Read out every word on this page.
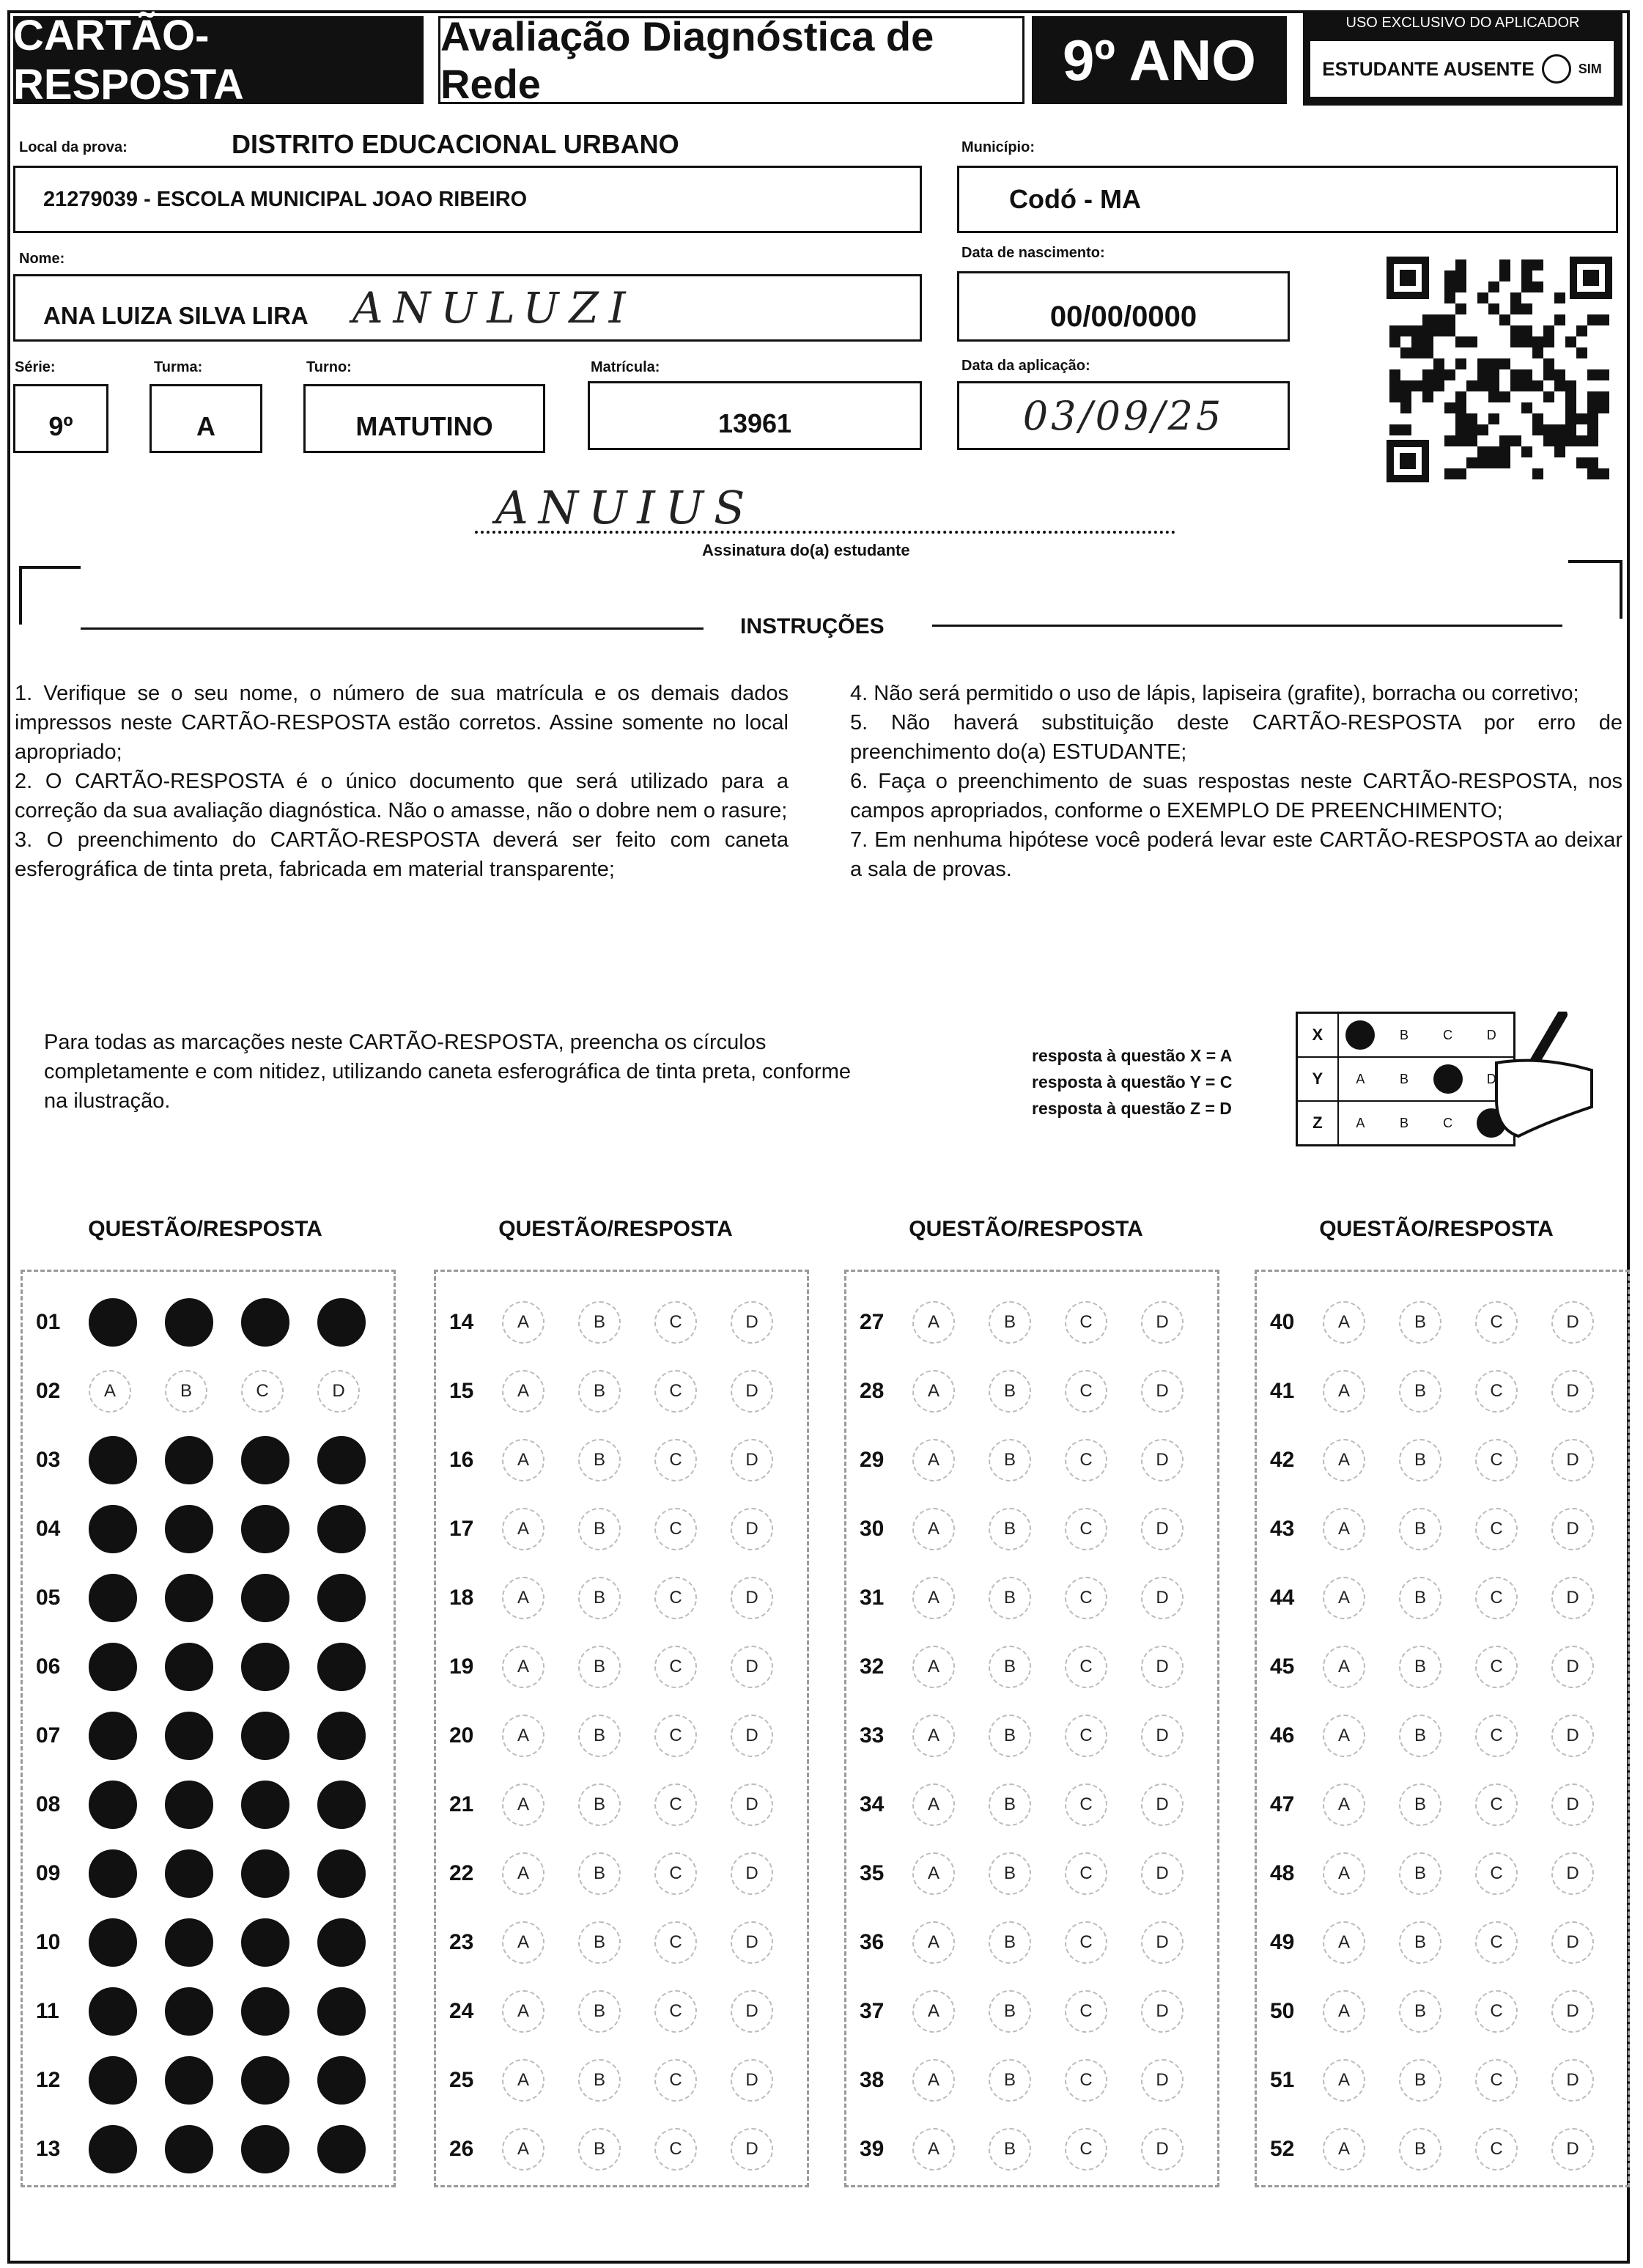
CARTÃO-RESPOSTA
Avaliação Diagnóstica de Rede	9º ANO
USO EXCLUSIVO DO APLICADOR
ESTUDANTE AUSENTE	SIM
Local da prova:	DISTRITO EDUCACIONAL URBANO
21279039 - ESCOLA MUNICIPAL JOAO RIBEIRO
Município:
Codó - MA
Nome:
ANA LUIZA SILVA LIRA ANULUZI
Data de nascimento:
00/00/0000
Série:
9º
Turma:
A
Turno:
MATUTINO
Matrícula:
13961
Data da aplicação:
03/09/25
ANUIUS
Assinatura do(a) estudante
INSTRUÇÕES

1. Verifique se o seu nome, o número de sua matrícula e os demais dados impressos neste CARTÃO-RESPOSTA estão corretos. Assine somente no local apropriado;

2. O CARTÃO-RESPOSTA é o único documento que será utilizado para a correção da sua avaliação diagnóstica. Não o amasse, não o dobre nem o rasure;

3. O preenchimento do CARTÃO-RESPOSTA deverá ser feito com caneta esferográfica de tinta preta, fabricada em material transparente;

4. Não será permitido o uso de lápis, lapiseira (grafite), borracha ou corretivo;

5. Não haverá substituição deste CARTÃO-RESPOSTA por erro de preenchimento do(a) ESTUDANTE;

6. Faça o preenchimento de suas respostas neste CARTÃO-RESPOSTA, nos campos apropriados, conforme o EXEMPLO DE PREENCHIMENTO;

7. Em nenhuma hipótese você poderá levar este CARTÃO-RESPOSTA ao deixar a sala de provas.

Para todas as marcações neste CARTÃO-RESPOSTA, preencha os círculos completamente e com nitidez, utilizando caneta esferográfica de tinta preta, conforme na ilustração.
resposta à questão X = A
resposta à questão Y = C
resposta à questão Z = D
X	B	C	D
Y	A	B	D
Z	A	B	C
QUESTÃO/RESPOSTA
01
02	A	B	C	D
03
04
05
06
07
08
09
10
11
12
13
QUESTÃO/RESPOSTA
14	A	B	C	D
15	A	B	C	D
16	A	B	C	D
17	A	B	C	D
18	A	B	C	D
19	A	B	C	D
20	A	B	C	D
21	A	B	C	D
22	A	B	C	D
23	A	B	C	D
24	A	B	C	D
25	A	B	C	D
26	A	B	C	D
QUESTÃO/RESPOSTA
27	A	B	C	D
28	A	B	C	D
29	A	B	C	D
30	A	B	C	D
31	A	B	C	D
32	A	B	C	D
33	A	B	C	D
34	A	B	C	D
35	A	B	C	D
36	A	B	C	D
37	A	B	C	D
38	A	B	C	D
39	A	B	C	D
QUESTÃO/RESPOSTA
40	A	B	C	D
41	A	B	C	D
42	A	B	C	D
43	A	B	C	D
44	A	B	C	D
45	A	B	C	D
46	A	B	C	D
47	A	B	C	D
48	A	B	C	D
49	A	B	C	D
50	A	B	C	D
51	A	B	C	D
52	A	B	C	D
